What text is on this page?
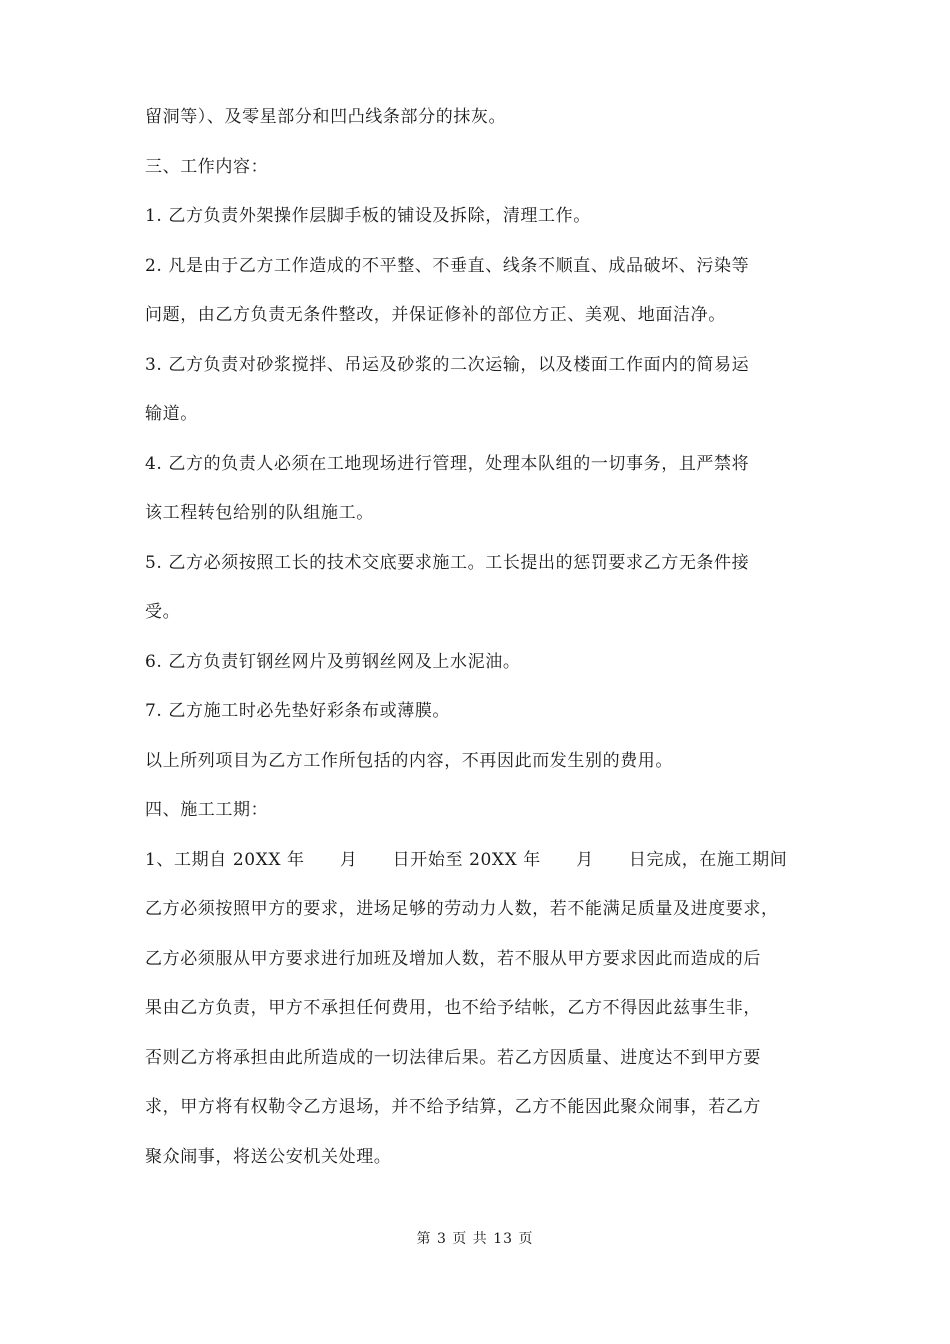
留洞等）、及零星部分和凹凸线条部分的抹灰。

三、工作内容：

1. 乙方负责外架操作层脚手板的铺设及拆除，清理工作。

2. 凡是由于乙方工作造成的不平整、不垂直、线条不顺直、成品破坏、污染等

问题，由乙方负责无条件整改，并保证修补的部位方正、美观、地面洁净。

3. 乙方负责对砂浆搅拌、吊运及砂浆的二次运输，以及楼面工作面内的简易运

输道。

4. 乙方的负责人必须在工地现场进行管理，处理本队组的一切事务，且严禁将

该工程转包给别的队组施工。

5. 乙方必须按照工长的技术交底要求施工。工长提出的惩罚要求乙方无条件接

受。

6. 乙方负责钉钢丝网片及剪钢丝网及上水泥油。

7. 乙方施工时必先垫好彩条布或薄膜。

以上所列项目为乙方工作所包括的内容，不再因此而发生别的费用。

四、施工工期：

1、工期自 20XX 年　　月　　日开始至 20XX 年　　月　　日完成，在施工期间

乙方必须按照甲方的要求，进场足够的劳动力人数，若不能满足质量及进度要求，

乙方必须服从甲方要求进行加班及增加人数，若不服从甲方要求因此而造成的后

果由乙方负责，甲方不承担任何费用，也不给予结帐，乙方不得因此兹事生非，

否则乙方将承担由此所造成的一切法律后果。若乙方因质量、进度达不到甲方要

求，甲方将有权勒令乙方退场，并不给予结算，乙方不能因此聚众闹事，若乙方

聚众闹事，将送公安机关处理。

第 3 页 共 13 页
